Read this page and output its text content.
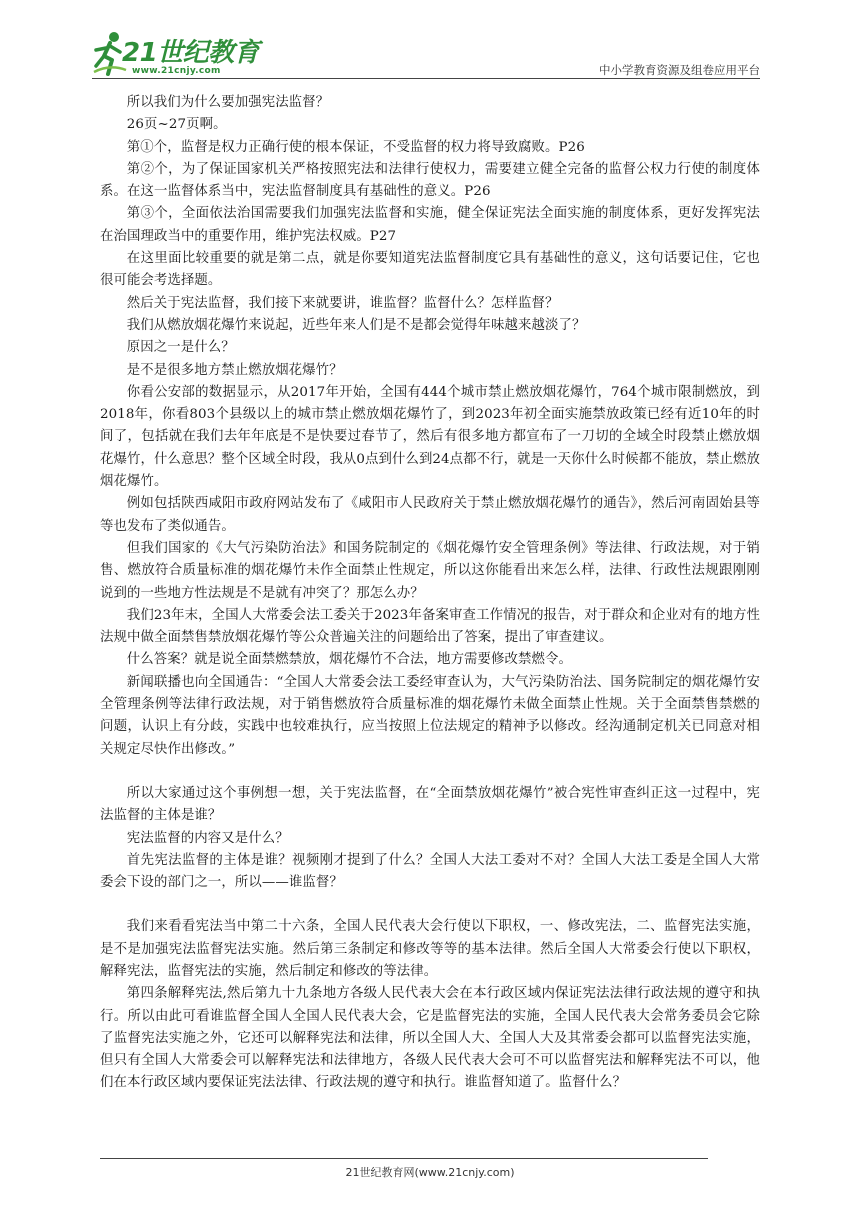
21世纪教育
www.21cnjy.com	中小学教育资源及组卷应用平台

所以我们为什么要加强宪法监督？

26页~27页啊。

第①个，监督是权力正确行使的根本保证，不受监督的权力将导致腐败。P26

第②个，为了保证国家机关严格按照宪法和法律行使权力，需要建立健全完备的监督公权力行使的制度体系。在这一监督体系当中，宪法监督制度具有基础性的意义。P26

第③个，全面依法治国需要我们加强宪法监督和实施，健全保证宪法全面实施的制度体系，更好发挥宪法在治国理政当中的重要作用，维护宪法权威。P27

在这里面比较重要的就是第二点，就是你要知道宪法监督制度它具有基础性的意义，这句话要记住，它也很可能会考选择题。

然后关于宪法监督，我们接下来就要讲，谁监督？监督什么？怎样监督？

我们从燃放烟花爆竹来说起，近些年来人们是不是都会觉得年味越来越淡了？

原因之一是什么？

是不是很多地方禁止燃放烟花爆竹？

你看公安部的数据显示，从2017年开始，全国有444个城市禁止燃放烟花爆竹，764个城市限制燃放，到2018年，你看803个县级以上的城市禁止燃放烟花爆竹了，到2023年初全面实施禁放政策已经有近10年的时间了，包括就在我们去年年底是不是快要过春节了，然后有很多地方都宣布了一刀切的全域全时段禁止燃放烟花爆竹，什么意思？整个区域全时段，我从0点到什么到24点都不行，就是一天你什么时候都不能放，禁止燃放烟花爆竹。

例如包括陕西咸阳市政府网站发布了《咸阳市人民政府关于禁止燃放烟花爆竹的通告》，然后河南固始县等等也发布了类似通告。

但我们国家的《大气污染防治法》和国务院制定的《烟花爆竹安全管理条例》等法律、行政法规，对于销售、燃放符合质量标准的烟花爆竹未作全面禁止性规定，所以这你能看出来怎么样，法律、行政性法规跟刚刚说到的一些地方性法规是不是就有冲突了？那怎么办？

我们23年末，全国人大常委会法工委关于2023年备案审查工作情况的报告，对于群众和企业对有的地方性法规中做全面禁售禁放烟花爆竹等公众普遍关注的问题给出了答案，提出了审查建议。

什么答案？就是说全面禁燃禁放，烟花爆竹不合法，地方需要修改禁燃令。

新闻联播也向全国通告：“全国人大常委会法工委经审查认为，大气污染防治法、国务院制定的烟花爆竹安全管理条例等法律行政法规，对于销售燃放符合质量标准的烟花爆竹未做全面禁止性规。关于全面禁售禁燃的问题，认识上有分歧，实践中也较难执行，应当按照上位法规定的精神予以修改。经沟通制定机关已同意对相关规定尽快作出修改。”

所以大家通过这个事例想一想，关于宪法监督，在“全面禁放烟花爆竹”被合宪性审查纠正这一过程中，宪法监督的主体是谁？

宪法监督的内容又是什么？

首先宪法监督的主体是谁？视频刚才提到了什么？全国人大法工委对不对？全国人大法工委是全国人大常委会下设的部门之一，所以——谁监督？

我们来看看宪法当中第二十六条，全国人民代表大会行使以下职权，一、修改宪法，二、监督宪法实施，是不是加强宪法监督宪法实施。然后第三条制定和修改等等的基本法律。然后全国人大常委会行使以下职权，解释宪法，监督宪法的实施，然后制定和修改的等法律。

第四条解释宪法,然后第九十九条地方各级人民代表大会在本行政区域内保证宪法法律行政法规的遵守和执行。所以由此可看谁监督全国人全国人民代表大会，它是监督宪法的实施，全国人民代表大会常务委员会它除了监督宪法实施之外，它还可以解释宪法和法律，所以全国人大、全国人大及其常委会都可以监督宪法实施，但只有全国人大常委会可以解释宪法和法律地方，各级人民代表大会可不可以监督宪法和解释宪法不可以，他们在本行政区域内要保证宪法法律、行政法规的遵守和执行。谁监督知道了。监督什么？

21世纪教育网(www.21cnjy.com)
